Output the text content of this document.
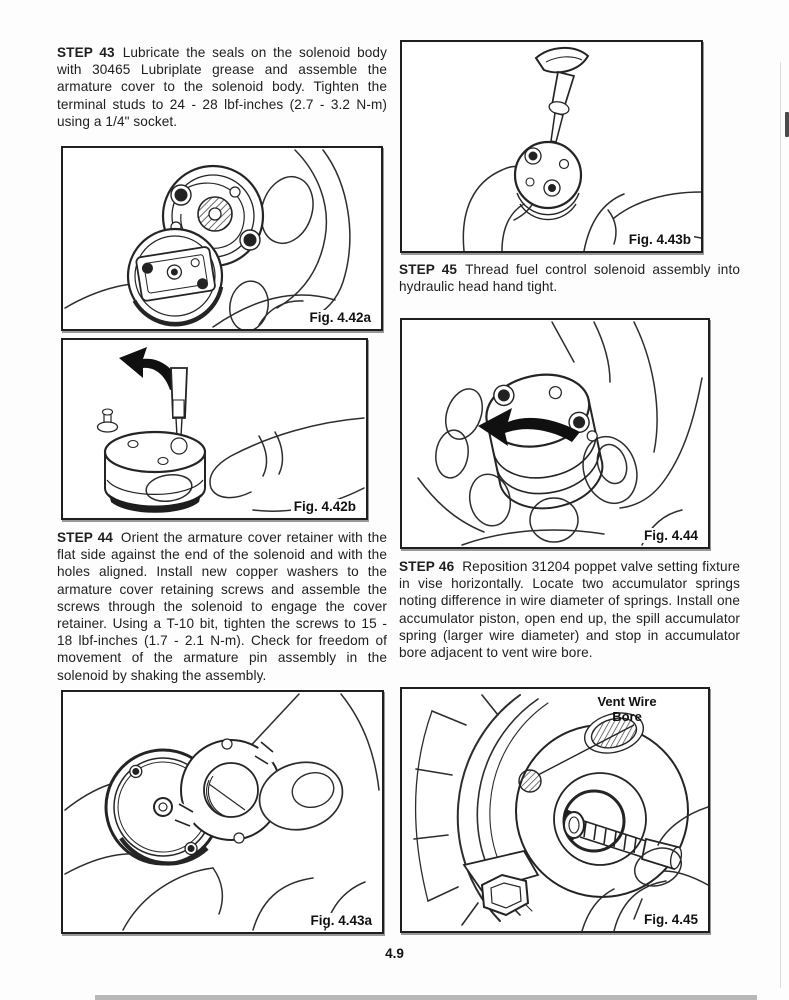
STEP 43 Lubricate the seals on the solenoid body with 30465 Lubriplate grease and assemble the armature cover to the solenoid body. Tighten the terminal studs to 24 - 28 lbf-inches (2.7 - 3.2 N-m) using a 1/4" socket.
Fig. 4.42a
Fig. 4.42b
STEP 44 Orient the armature cover retainer with the flat side against the end of the solenoid and with the holes aligned. Install new copper washers to the armature cover retaining screws and assemble the screws through the solenoid to engage the cover retainer. Using a T-10 bit, tighten the screws to 15 - 18 lbf-inches (1.7 - 2.1 N-m). Check for freedom of movement of the armature pin assembly in the solenoid by shaking the assembly.
Fig. 4.43a
Fig. 4.43b
STEP 45 Thread fuel control solenoid assembly into hydraulic head hand tight.
Fig. 4.44
STEP 46 Reposition 31204 poppet valve setting fixture in vise horizontally. Locate two accumulator springs noting difference in wire diameter of springs. Install one accumulator piston, open end up, the spill accumulator spring (larger wire diameter) and stop in accumulator bore adjacent to vent wire bore.
Vent Wire
Bore
Fig. 4.45
4.9
